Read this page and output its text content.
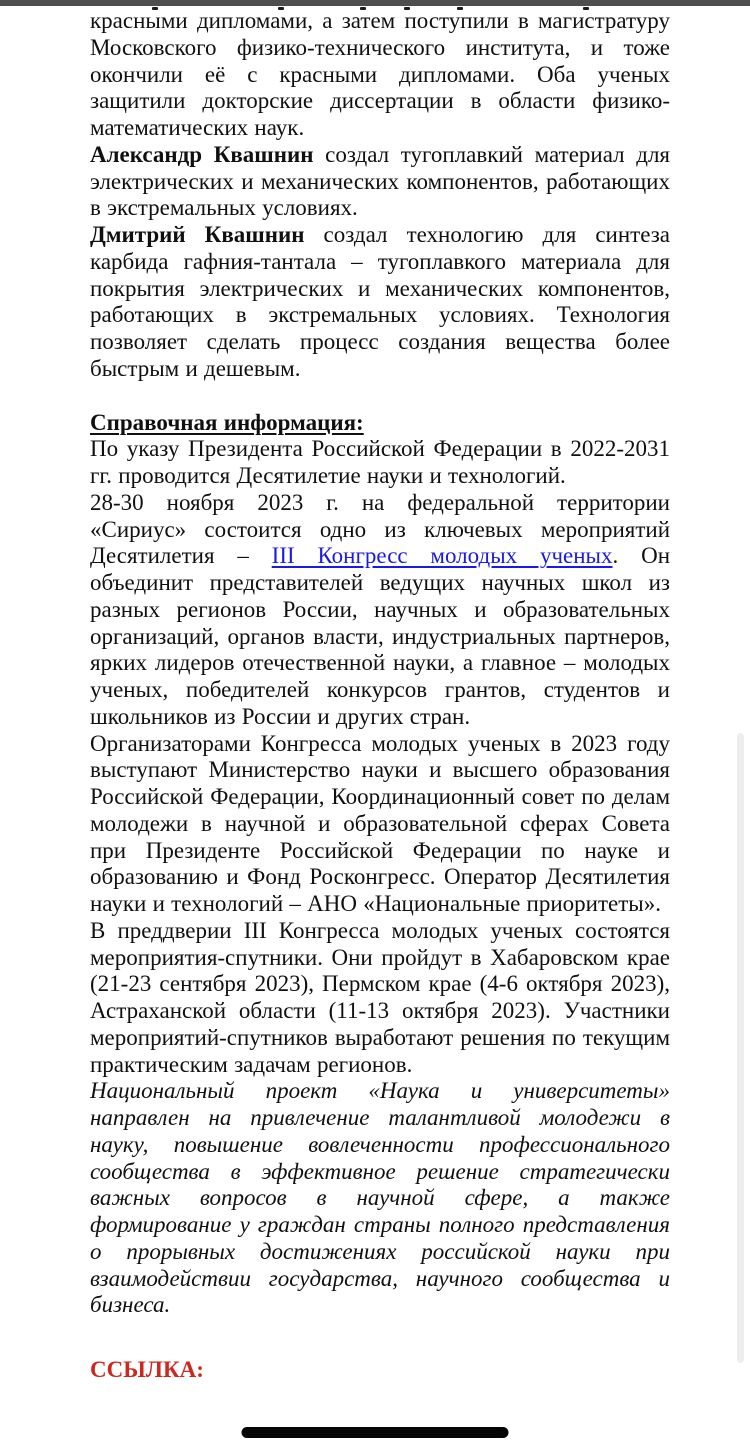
красными дипломами, а затем поступили в магистратуру Московского физико-технического института, и тоже окончили её с красными дипломами. Оба ученых защитили докторские диссертации в области физико-математических наук.

Александр Квашнин создал тугоплавкий материал для электрических и механических компонентов, работающих в экстремальных условиях.

Дмитрий Квашнин создал технологию для синтеза карбида гафния-тантала – тугоплавкого материала для покрытия электрических и механических компонентов, работающих в экстремальных условиях. Технология позволяет сделать процесс создания вещества более быстрым и дешевым.

Справочная информация:

По указу Президента Российской Федерации в 2022-2031 гг. проводится Десятилетие науки и технологий.

28-30 ноября 2023 г. на федеральной территории «Сириус» состоится одно из ключевых мероприятий Десятилетия – III Конгресс молодых ученых. Он объединит представителей ведущих научных школ из разных регионов России, научных и образовательных организаций, органов власти, индустриальных партнеров, ярких лидеров отечественной науки, а главное – молодых ученых, победителей конкурсов грантов, студентов и школьников из России и других стран.

Организаторами Конгресса молодых ученых в 2023 году выступают Министерство науки и высшего образования Российской Федерации, Координационный совет по делам молодежи в научной и образовательной сферах Совета при Президенте Российской Федерации по науке и образованию и Фонд Росконгресс. Оператор Десятилетия науки и технологий – АНО «Национальные приоритеты».

В преддверии III Конгресса молодых ученых состоятся мероприятия-спутники. Они пройдут в Хабаровском крае (21-23 сентября 2023), Пермском крае (4-6 октября 2023), Астраханской области (11-13 октября 2023). Участники мероприятий-спутников выработают решения по текущим практическим задачам регионов.

Национальный проект «Наука и университеты» направлен на привлечение талантливой молодежи в науку, повышение вовлеченности профессионального сообщества в эффективное решение стратегически важных вопросов в научной сфере, а также формирование у граждан страны полного представления о прорывных достижениях российской науки при взаимодействии государства, научного сообщества и бизнеса.

ССЫЛКА:
